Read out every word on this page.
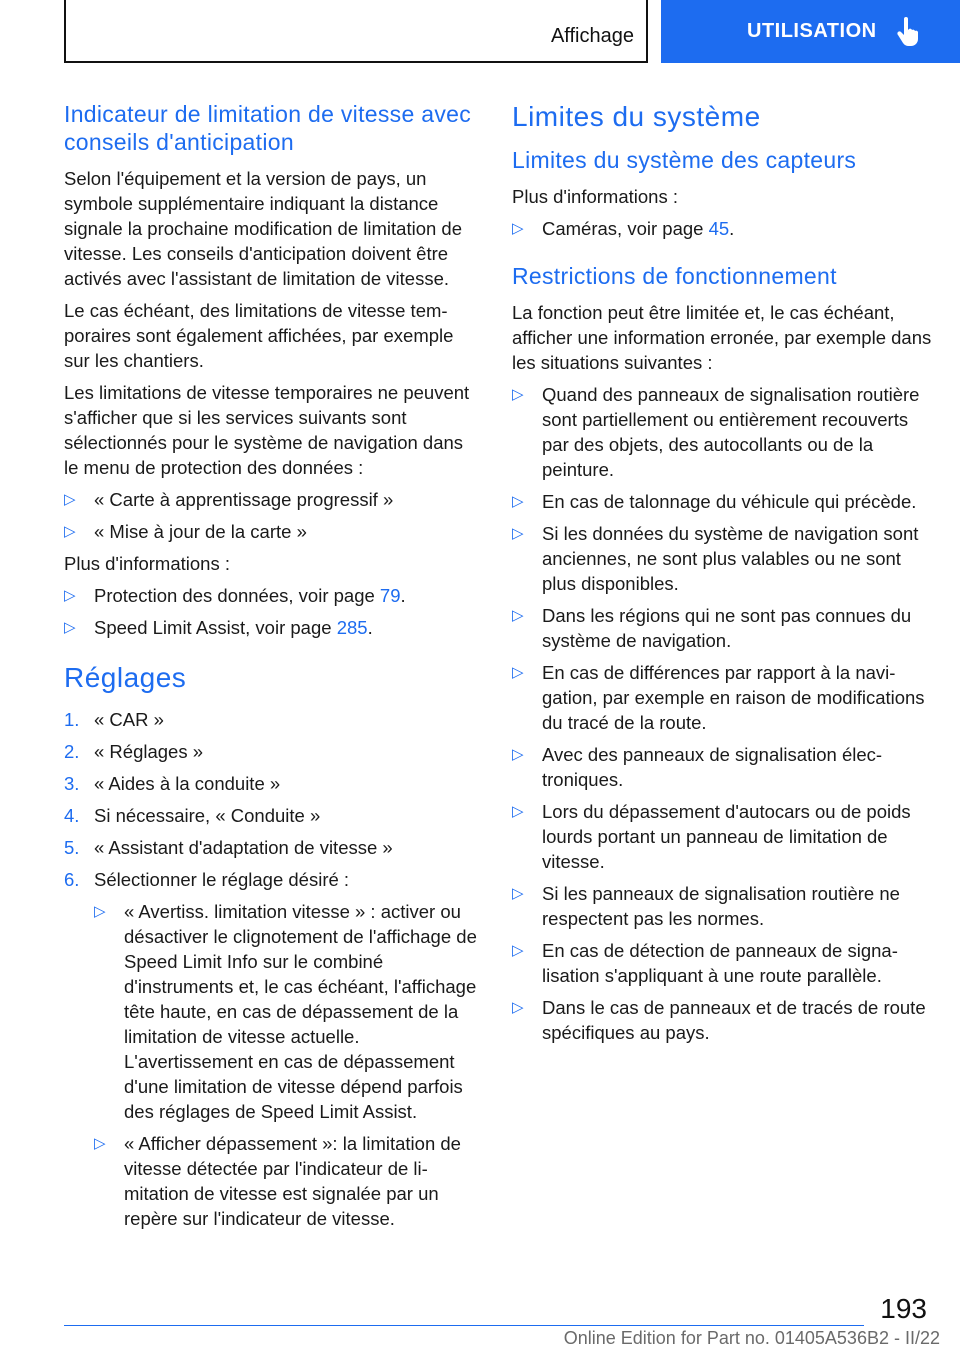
Affichage	UTILISATION
Indicateur de limitation de vitesse avec conseils d'anticipation

Selon l'équipement et la version de pays, un symbole supplémentaire indiquant la distance signale la prochaine modification de limitation de vitesse. Les conseils d'anticipation doivent être activés avec l'assistant de limitation de vitesse.

Le cas échéant, des limitations de vitesse temporaires sont également affichées, par exemple sur les chantiers.

Les limitations de vitesse temporaires ne peuvent s'afficher que si les services suivants sont sélectionnés pour le système de navigation dans le menu de protection des données :

▷ « Carte à apprentissage progressif »
▷ « Mise à jour de la carte »

Plus d'informations :

▷ Protection des données, voir page 79.
▷ Speed Limit Assist, voir page 285.
Réglages
1. « CAR »
2. « Réglages »
3. « Aides à la conduite »
4. Si nécessaire, « Conduite »
5. « Assistant d'adaptation de vitesse »
6. Sélectionner le réglage désiré :
▷ « Avertiss. limitation vitesse » : activer ou désactiver le clignotement de l'affichage de Speed Limit Info sur le combiné d'instruments et, le cas échéant, l'affichage tête haute, en cas de dépassement de la limitation de vitesse actuelle. L'avertissement en cas de dépassement d'une limitation de vitesse dépend parfois des réglages de Speed Limit Assist.
▷ « Afficher dépassement »: la limitation de vitesse détectée par l'indicateur de limitation de vitesse est signalée par un repère sur l'indicateur de vitesse.
Limites du système
Limites du système des capteurs

Plus d'informations :

▷ Caméras, voir page 45.
Restrictions de fonctionnement

La fonction peut être limitée et, le cas échéant, afficher une information erronée, par exemple dans les situations suivantes :

▷ Quand des panneaux de signalisation routière sont partiellement ou entièrement recouverts par des objets, des autocollants ou de la peinture.
▷ En cas de talonnage du véhicule qui précède.
▷ Si les données du système de navigation sont anciennes, ne sont plus valables ou ne sont plus disponibles.
▷ Dans les régions qui ne sont pas connues du système de navigation.
▷ En cas de différences par rapport à la navigation, par exemple en raison de modifications du tracé de la route.
▷ Avec des panneaux de signalisation électroniques.
▷ Lors du dépassement d'autocars ou de poids lourds portant un panneau de limitation de vitesse.
▷ Si les panneaux de signalisation routière ne respectent pas les normes.
▷ En cas de détection de panneaux de signalisation s'appliquant à une route parallèle.
▷ Dans le cas de panneaux et de tracés de route spécifiques au pays.
193
Online Edition for Part no. 01405A536B2 - II/22
